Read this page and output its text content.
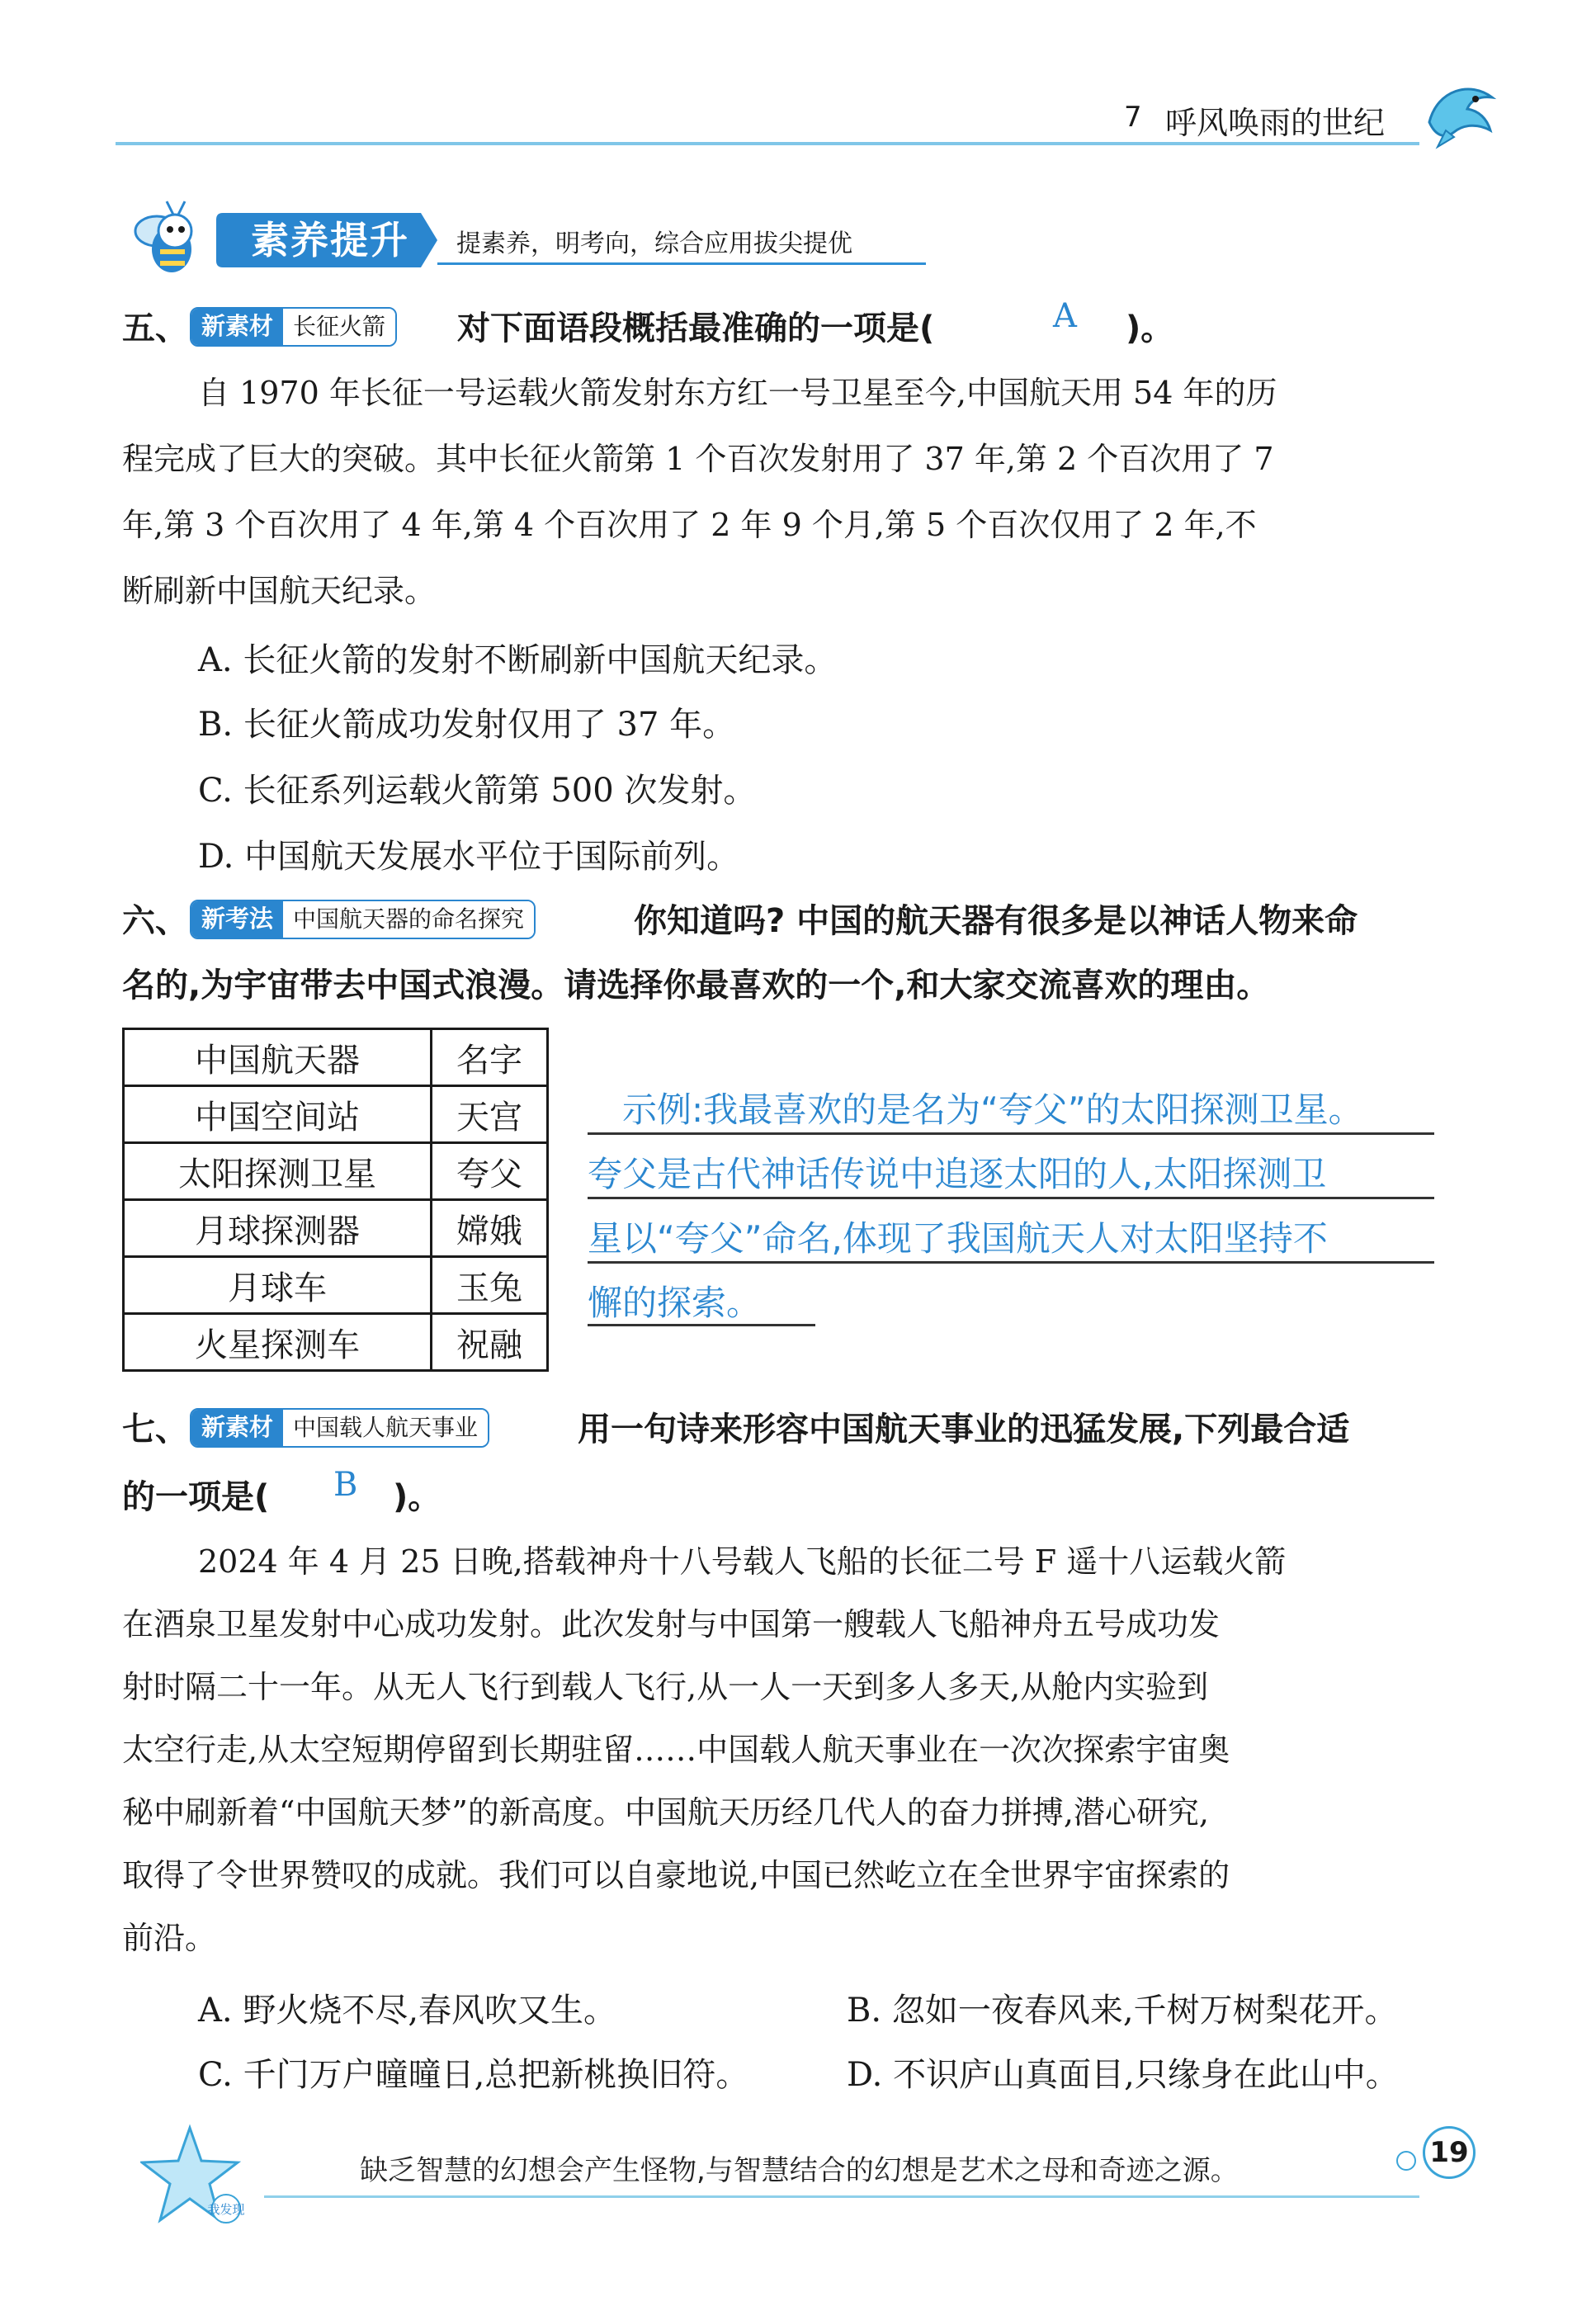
7 呼风唤雨的世纪
素养提升	提素养，明考向，综合应用拔尖提优
五、 新素材 长征火箭	对下面语段概括最准确的一项是(	A )。
自 1970 年长征一号运载火箭发射东方红一号卫星至今,中国航天用 54 年的历
程完成了巨大的突破。其中长征火箭第 1 个百次发射用了 37 年,第 2 个百次用了 7
年,第 3 个百次用了 4 年,第 4 个百次用了 2 年 9 个月,第 5 个百次仅用了 2 年,不
断刷新中国航天纪录。
A. 长征火箭的发射不断刷新中国航天纪录。
B. 长征火箭成功发射仅用了 37 年。
C. 长征系列运载火箭第 500 次发射。
D. 中国航天发展水平位于国际前列。
六、 新考法 中国航天器的命名探究	你知道吗? 中国的航天器有很多是以神话人物来命
名的,为宇宙带去中国式浪漫。请选择你最喜欢的一个,和大家交流喜欢的理由。
中国航天器	名字
中国空间站	天宫
太阳探测卫星	夸父
月球探测器	嫦娥
月球车	玉兔
火星探测车	祝融
示例:我最喜欢的是名为“夸父”的太阳探测卫星。
夸父是古代神话传说中追逐太阳的人,太阳探测卫
星以“夸父”命名,体现了我国航天人对太阳坚持不
懈的探索。
七、 新素材 中国载人航天事业	用一句诗来形容中国航天事业的迅猛发展,下列最合适
的一项是( B )。
2024 年 4 月 25 日晚,搭载神舟十八号载人飞船的长征二号 F 遥十八运载火箭
在酒泉卫星发射中心成功发射。此次发射与中国第一艘载人飞船神舟五号成功发
射时隔二十一年。从无人飞行到载人飞行,从一人一天到多人多天,从舱内实验到
太空行走,从太空短期停留到长期驻留……中国载人航天事业在一次次探索宇宙奥
秘中刷新着“中国航天梦”的新高度。中国航天历经几代人的奋力拼搏,潜心研究,
取得了令世界赞叹的成就。我们可以自豪地说,中国已然屹立在全世界宇宙探索的
前沿。
A. 野火烧不尽,春风吹又生。	B. 忽如一夜春风来,千树万树梨花开。
C. 千门万户曈曈日,总把新桃换旧符。	D. 不识庐山真面目,只缘身在此山中。
我发现
缺乏智慧的幻想会产生怪物,与智慧结合的幻想是艺术之母和奇迹之源。
19
